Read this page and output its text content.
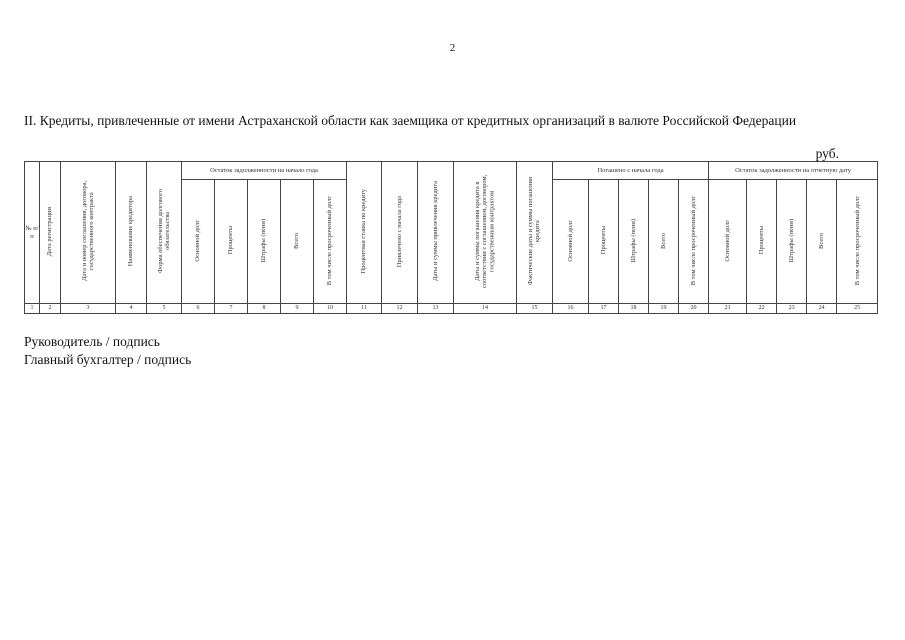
2
II. Кредиты, привлеченные от имени Астраханской области как заемщика от кредитных организаций в валюте Российской Федерации
руб.
№ п/п	Дата регистрации	Дата и номер соглашения, договора, государственного контракта	Наименование кредитора	Форма обеспечения долгового обязательства	Остаток задолженности на начало года					Процентная ставка по кредиту	Привлечено с начала года	Даты и суммы привлечения кредита	Даты и суммы погашения кредита в соответствии с соглашением, договором, государственным контрактом	Фактические даты и суммы погашения кредита	Погашено с начала года					Остаток задолженности на отчетную дату				
					Основной долг	Проценты	Штрафы (пени)	Всего	В том числе просроченный долг						Основной долг	Проценты	Штрафы (пени)	Всего	В том числе просроченный долг	Основной долг	Проценты	Штрафы (пени)	Всего	В том числе просроченный долг
1	2	3	4	5	6	7	8	9	10	11	12	13	14	15	16	17	18	19	20	21	22	23	24	25
Руководитель / подпись
Главный бухгалтер / подпись
